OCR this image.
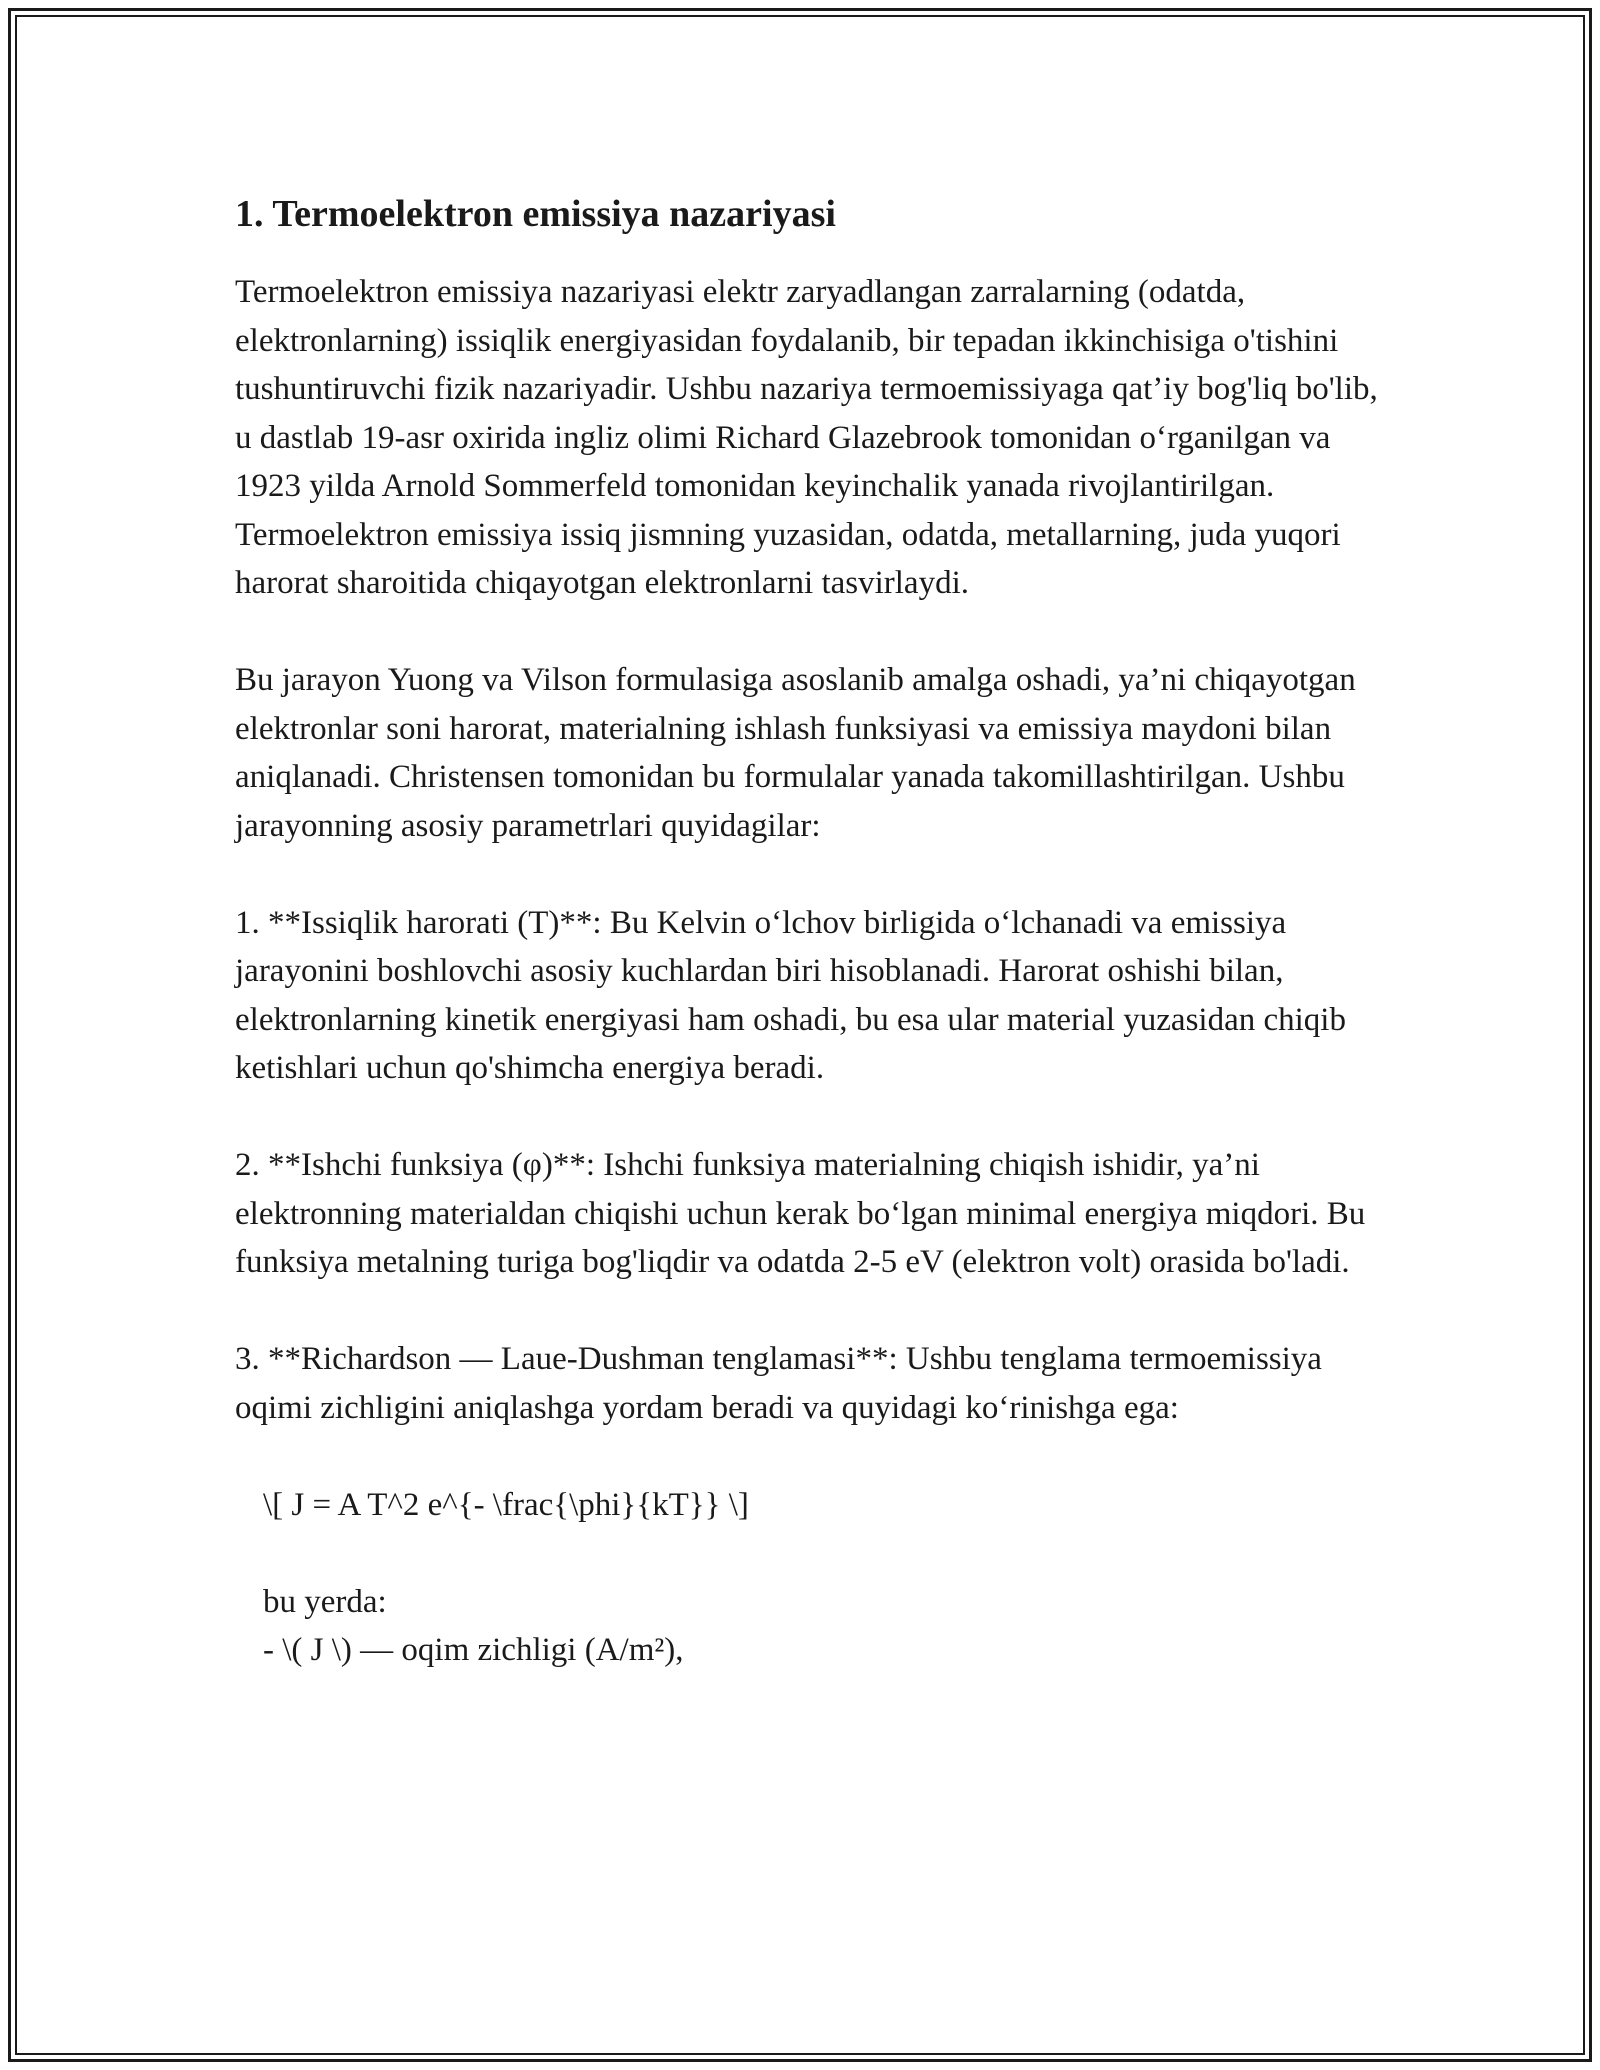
1. Termoelektron emissiya nazariyasi

Termoelektron emissiya nazariyasi elektr zaryadlangan zarralarning (odatda, elektronlarning) issiqlik energiyasidan foydalanib, bir tepadan ikkinchisiga o'tishini tushuntiruvchi fizik nazariyadir. Ushbu nazariya termoemissiyaga qat’iy bog'liq bo'lib, u dastlab 19-asr oxirida ingliz olimi Richard Glazebrook tomonidan o‘rganilgan va 1923 yilda Arnold Sommerfeld tomonidan keyinchalik yanada rivojlantirilgan. Termoelektron emissiya issiq jismning yuzasidan, odatda, metallarning, juda yuqori harorat sharoitida chiqayotgan elektronlarni tasvirlaydi.

Bu jarayon Yuong va Vilson formulasiga asoslanib amalga oshadi, ya’ni chiqayotgan elektronlar soni harorat, materialning ishlash funksiyasi va emissiya maydoni bilan aniqlanadi. Christensen tomonidan bu formulalar yanada takomillashtirilgan. Ushbu jarayonning asosiy parametrlari quyidagilar:

1. **Issiqlik harorati (T)**: Bu Kelvin o‘lchov birligida o‘lchanadi va emissiya jarayonini boshlovchi asosiy kuchlardan biri hisoblanadi. Harorat oshishi bilan, elektronlarning kinetik energiyasi ham oshadi, bu esa ular material yuzasidan chiqib ketishlari uchun qo'shimcha energiya beradi.

2. **Ishchi funksiya (φ)**: Ishchi funksiya materialning chiqish ishidir, ya’ni elektronning materialdan chiqishi uchun kerak bo‘lgan minimal energiya miqdori. Bu funksiya metalning turiga bog'liqdir va odatda 2-5 eV (elektron volt) orasida bo'ladi.

3. **Richardson — Laue-Dushman tenglamasi**: Ushbu tenglama termoemissiya oqimi zichligini aniqlashga yordam beradi va quyidagi ko‘rinishga ega:

\[ J = A T^2 e^{- \frac{\phi}{kT}} \]

bu yerda:

- \( J \) — oqim zichligi (A/m²),
